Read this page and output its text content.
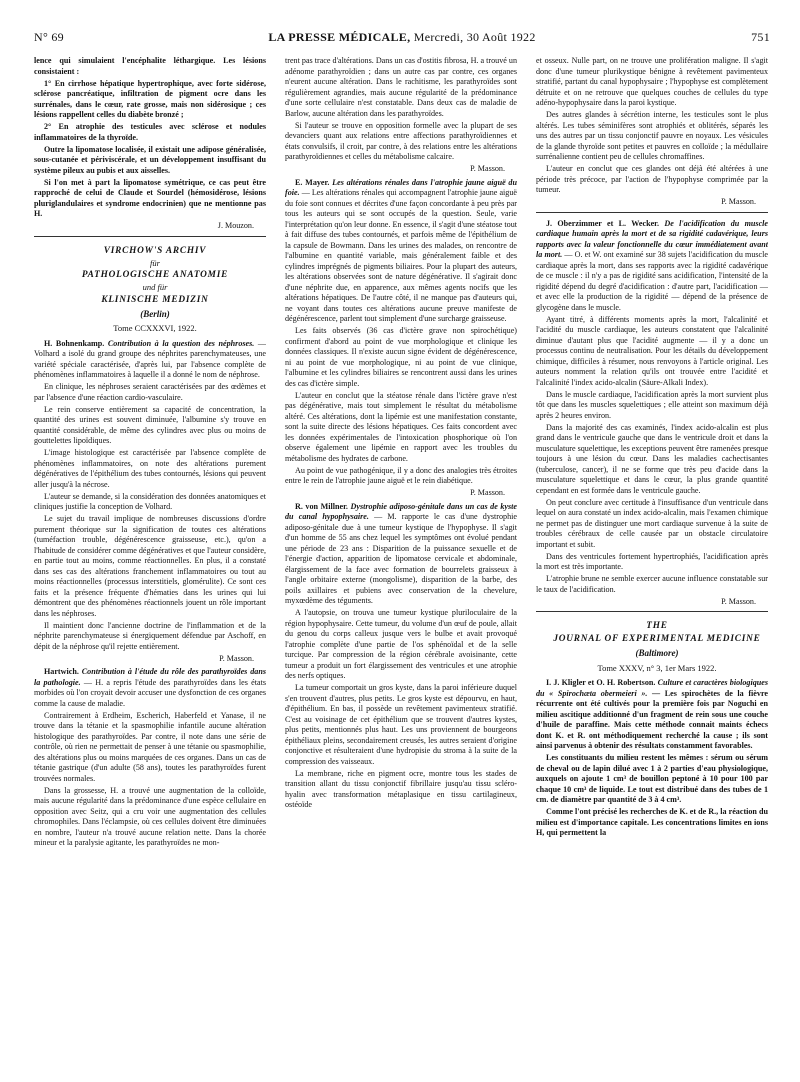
N° 69	LA PRESSE MÉDICALE, Mercredi, 30 Août 1922	751

lence qui simulaient l'encéphalite léthargique. Les lésions consistaient :

1° En cirrhose hépatique hypertrophique, avec forte sidérose, sclérose pancréatique, infiltration de pigment ocre dans les surrénales, dans le cœur, rate grosse, mais non sidérosique ; ces lésions rappellent celles du diabète bronzé ;

2° En atrophie des testicules avec sclérose et nodules inflammatoires de la thyroïde.

Outre la lipomatose localisée, il existait une adipose généralisée, sous-cutanée et périviscérale, et un développement insuffisant du système pileux au pubis et aux aisselles.

Si l'on met à part la lipomatose symétrique, ce cas peut être rapproché de celui de Claude et Sourdel (hémosidérose, lésions pluriglandulaires et syndrome endocrinien) que ne mentionne pas H.

J. Mouzon.

VIRCHOW'S ARCHIV

für

PATHOLOGISCHE ANATOMIE

und für

KLINISCHE MEDIZIN

(Berlin)

Tome CCXXXVI, 1922.

H. Bohnenkamp. Contribution à la question des néphroses. — Volhard a isolé du grand groupe des néphrites parenchymateuses, une variété spéciale caractérisée, d'après lui, par l'absence complète de phénomènes inflammatoires à laquelle il a donné le nom de néphrose.

En clinique, les néphroses seraient caractérisées par des œdèmes et par l'absence d'une réaction cardio-vasculaire.

Le rein conserve entièrement sa capacité de concentration, la quantité des urines est souvent diminuée, l'albumine s'y trouve en quantité considérable, de même des cylindres avec plus ou moins de gouttelettes lipoïdiques.

L'image histologique est caractérisée par l'absence complète de phénomènes inflammatoires, on note des altérations purement dégénératives de l'épithélium des tubes contournés, lésions qui peuvent aller jusqu'à la nécrose.

L'auteur se demande, si la considération des données anatomiques et cliniques justifie la conception de Volhard.

Le sujet du travail implique de nombreuses discussions d'ordre purement théorique sur la signification de toutes ces altérations (tuméfaction trouble, dégénérescence graisseuse, etc.), qu'on a l'habitude de considérer comme dégénératives et que l'auteur considère, en partie tout au moins, comme réactionnelles. En plus, il a constaté dans ses cas des altérations franchement inflammatoires ou tout au moins réactionnelles (processus interstitiels, glomérulite). Ce sont ces faits et la présence fréquente d'hématies dans les urines qui lui démontrent que des phénomènes réactionnels jouent un rôle important dans les néphroses.

Il maintient donc l'ancienne doctrine de l'inflammation et de la néphrite parenchymateuse si énergiquement défendue par Aschoff, en dépit de la néphrose qu'il rejette entièrement.

P. Masson.

Hartwich. Contribution à l'étude du rôle des parathyroïdes dans la pathologie. — H. a repris l'étude des parathyroïdes dans les états morbides où l'on croyait devoir accuser une dysfonction de ces organes comme la cause de maladie.

Contrairement à Erdheim, Escherich, Haberfeld et Yanase, il ne trouve dans la tétanie et la spasmophilie infantile aucune altération histologique des parathyroïdes. Par contre, il note dans une série de contrôle, où rien ne permettait de penser à une tétanie ou spasmophilie, des altérations plus ou moins marquées de ces organes. Dans un cas de tétanie gastrique (d'un adulte (58 ans), toutes les parathyroïdes furent trouvées normales.

Dans la grossesse, H. a trouvé une augmentation de la colloïde, mais aucune régularité dans la prédominance d'une espèce cellulaire en opposition avec Seitz, qui a cru voir une augmentation des cellules chromophiles. Dans l'éclampsie, où ces cellules doivent être diminuées en nombre, l'auteur n'a trouvé aucune relation nette. Dans la chorée mineur et la paralysie agitante, les parathyroïdes ne mon-

trent pas trace d'altérations. Dans un cas d'ostitis fibrosa, H. a trouvé un adénome parathyroïdien ; dans un autre cas par contre, ces organes n'eurent aucune altération. Dans le rachitisme, les parathyroïdes sont régulièrement agrandies, mais aucune régularité de la prédominance d'une sorte cellulaire n'est constatable. Dans deux cas de maladie de Barlow, aucune altération dans les parathyroïdes.

Si l'auteur se trouve en opposition formelle avec la plupart de ses devanciers quant aux relations entre affections parathyroïdiennes et états convulsifs, il croit, par contre, à des relations entre les altérations parathyroïdiennes et celles du métabolisme calcaire.

P. Masson.

E. Mayer. Les altérations rénales dans l'atrophie jaune aiguë du foie. — Les altérations rénales qui accompagnent l'atrophie jaune aiguë du foie sont connues et décrites d'une façon concordante à peu près par tous les auteurs qui se sont occupés de la question. Seule, varie l'interprétation qu'on leur donne. En essence, il s'agit d'une stéatose tout à fait diffuse des tubes contournés, et parfois même de l'épithélium de la capsule de Bowmann. Dans les urines des malades, on rencontre de l'albumine en quantité variable, mais généralement faible et des cylindres imprégnés de pigments biliaires. Pour la plupart des auteurs, les altérations observées sont de nature dégénérative. Il s'agirait donc d'une néphrite due, en apparence, aux mêmes agents nocifs que les altérations hépatiques. De l'autre côté, il ne manque pas d'auteurs qui, ne voyant dans toutes ces altérations aucune preuve manifeste de dégénérescence, parlent tout simplement d'une surcharge graisseuse.

Les faits observés (36 cas d'ictère grave non spirochétique) confirment d'abord au point de vue morphologique et clinique les données classiques. Il n'existe aucun signe évident de dégénérescence, ni au point de vue morphologique, ni au point de vue clinique, l'albumine et les cylindres biliaires se rencontrent aussi dans les urines des cas d'ictère simple.

L'auteur en conclut que la stéatose rénale dans l'ictère grave n'est pas dégénérative, mais tout simplement le résultat du métabolisme altéré. Ces altérations, dont la lipémie est une manifestation constante, sont la suite directe des lésions hépatiques. Ces faits concordent avec les données expérimentales de l'intoxication phosphorique où l'on observe également une lipémie en rapport avec les troubles du métabolisme des hydrates de carbone.

Au point de vue pathogénique, il y a donc des analogies très étroites entre le rein de l'atrophie jaune aiguë et le rein diabétique.

P. Masson.

R. von Millner. Dystrophie adiposo-génitale dans un cas de kyste du canal hypophysaire. — M. rapporte le cas d'une dystrophie adiposo-génitale due à une tumeur kystique de l'hypophyse. Il s'agit d'un homme de 55 ans chez lequel les symptômes ont évolué pendant une période de 23 ans : Disparition de la puissance sexuelle et de l'énergie d'action, apparition de lipomatose cervicale et abdominale, élargissement de la face avec formation de bourrelets graisseux à l'angle orbitaire externe (mongolisme), disparition de la barbe, des poils axillaires et pubiens avec conservation de la chevelure, myxœdème des téguments.

A l'autopsie, on trouva une tumeur kystique pluriloculaire de la région hypophysaire. Cette tumeur, du volume d'un œuf de poule, allait du genou du corps calleux jusque vers le bulbe et avait provoqué l'atrophie complète d'une partie de l'os sphénoïdal et de la selle turcique. Par compression de la région cérébrale avoisinante, cette tumeur a produit un fort élargissement des ventricules et une atrophie des nerfs optiques.

La tumeur comportait un gros kyste, dans la paroi inférieure duquel s'en trouvent d'autres, plus petits. Le gros kyste est dépourvu, en haut, d'épithélium. En bas, il possède un revêtement pavimenteux stratifié. C'est au voisinage de cet épithélium que se trouvent d'autres kystes, plus petits, mentionnés plus haut. Les uns proviennent de bourgeons épithéliaux pleins, secondairement creusés, les autres seraient d'origine conjonctive et résulteraient d'une hydropisie du stroma à la suite de la compression des vaisseaux.

La membrane, riche en pigment ocre, montre tous les stades de transition allant du tissu conjonctif fibrillaire jusqu'au tissu scléro-hyalin avec transformation métaplasique en tissu cartilagineux, ostéoïde

et osseux. Nulle part, on ne trouve une prolifération maligne. Il s'agit donc d'une tumeur plurikystique bénigne à revêtement pavimenteux stratifié, partant du canal hypophysaire ; l'hypophyse est complètement détruite et on ne retrouve que quelques couches de cellules du type adéno-hypophysaire dans la paroi kystique.

Des autres glandes à sécrétion interne, les testicules sont le plus altérés. Les tubes séminifères sont atrophiés et oblitérés, séparés les uns des autres par un tissu conjonctif pauvre en noyaux. Les vésicules de la glande thyroïde sont petites et pauvres en colloïde ; la médullaire surrénalienne contient peu de cellules chromaffines.

L'auteur en conclut que ces glandes ont déjà été altérées à une période très précoce, par l'action de l'hypophyse comprimée par la tumeur.

P. Masson.

J. Oberzimmer et L. Wecker. De l'acidification du muscle cardiaque humain après la mort et de sa rigidité cadavérique, leurs rapports avec la valeur fonctionnelle du cœur immédiatement avant la mort. — O. et W. ont examiné sur 38 sujets l'acidification du muscle cardiaque après la mort, dans ses rapports avec la rigidité cadavérique de ce muscle : il n'y a pas de rigidité sans acidification, l'intensité de la rigidité dépend du degré d'acidification : d'autre part, l'acidification — et avec elle la production de la rigidité — dépend de la présence de glycogène dans le muscle.

Ayant titré, à différents moments après la mort, l'alcalinité et l'acidité du muscle cardiaque, les auteurs constatent que l'alcalinité diminue d'autant plus que l'acidité augmente — il y a donc un processus continu de neutralisation. Pour les détails du développement chimique, difficiles à résumer, nous renvoyons à l'article original. Les auteurs nomment la relation qu'ils ont trouvée entre l'acidité et l'alcalinité l'index acido-alcalin (Säure-Alkali Index).

Dans le muscle cardiaque, l'acidification après la mort survient plus tôt que dans les muscles squelettiques ; elle atteint son maximum déjà après 2 heures environ.

Dans la majorité des cas examinés, l'index acido-alcalin est plus grand dans le ventricule gauche que dans le ventricule droit et dans la musculature squelettique, les exceptions peuvent être ramenées presque toujours à une lésion du cœur. Dans les maladies cachectisantes (tuberculose, cancer), il ne se forme que très peu d'acide dans la musculature squelettique et dans le cœur, la plus grande quantité cependant en est formée dans le ventricule gauche.

On peut conclure avec certitude à l'insuffisance d'un ventricule dans lequel on aura constaté un index acido-alcalin, mais l'examen chimique ne permet pas de distinguer une mort cardiaque survenue à la suite de troubles cérébraux de celle causée par un obstacle circulatoire important et subit.

Dans des ventricules fortement hypertrophiés, l'acidification après la mort est très importante.

L'atrophie brune ne semble exercer aucune influence constatable sur le taux de l'acidification.

P. Masson.

THE

JOURNAL OF EXPERIMENTAL MEDICINE

(Baltimore)

Tome XXXV, n° 3, 1er Mars 1922.

I. J. Kligler et O. H. Robertson. Culture et caractères biologiques du « Spirochæta obermeieri ». — Les spirochètes de la fièvre récurrente ont été cultivés pour la première fois par Noguchi en milieu ascitique additionné d'un fragment de rein sous une couche d'huile de paraffine. Mais cette méthode connait maints échecs dont K. et R. ont méthodiquement recherché la cause ; ils sont ainsi parvenus à obtenir des résultats constamment favorables.

Les constituants du milieu restent les mêmes : sérum ou sérum de cheval ou de lapin dilué avec 1 à 2 parties d'eau physiologique, auxquels on ajoute 1 cm³ de bouillon peptoné à 10 pour 100 par chaque 10 cm³ de liquide. Le tout est distribué dans des tubes de 1 cm. de diamètre par quantité de 3 à 4 cm³.

Comme l'ont précisé les recherches de K. et de R., la réaction du milieu est d'importance capitale. Les concentrations limites en ions H, qui permettent la
